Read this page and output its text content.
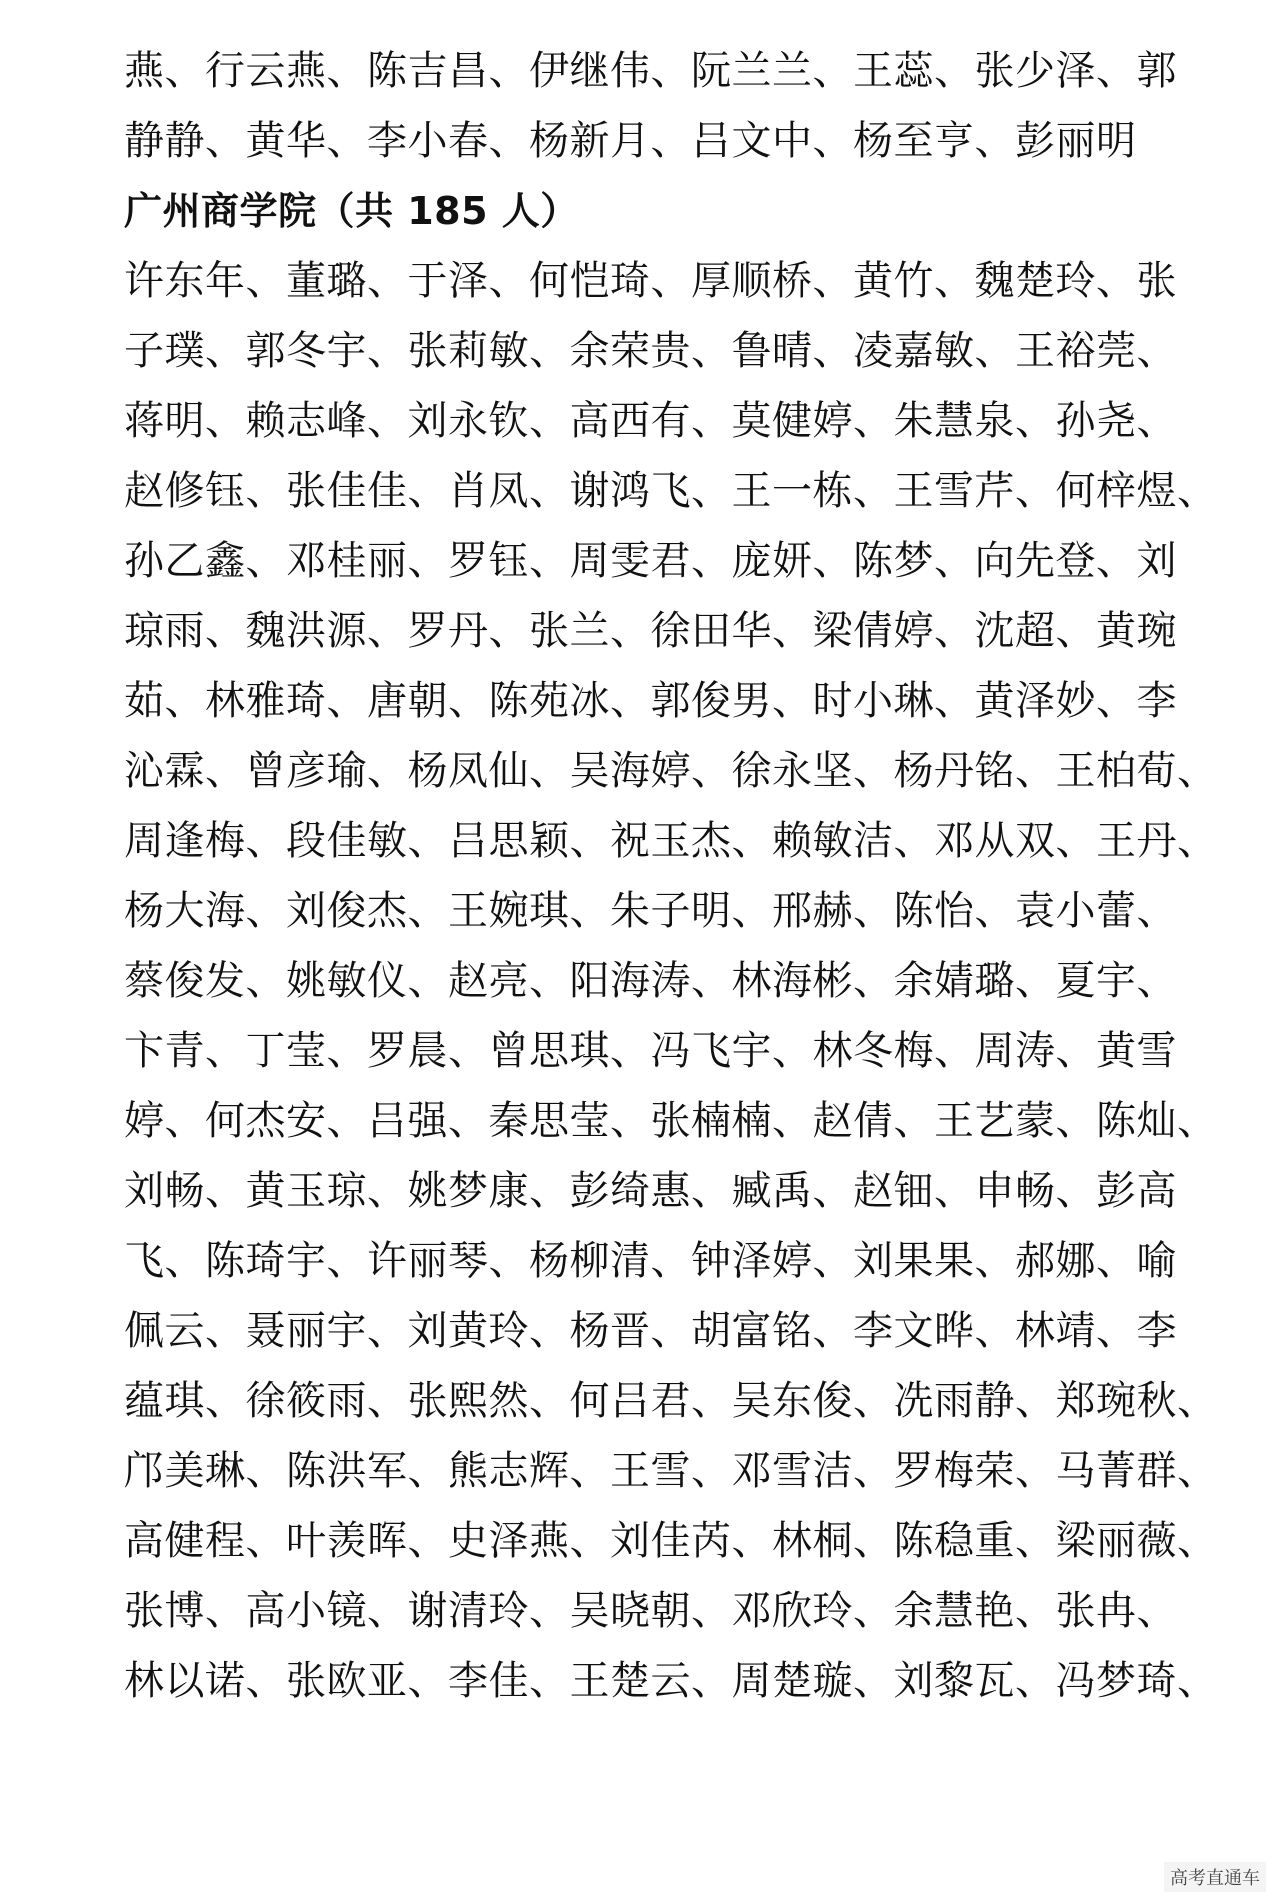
燕、行云燕、陈吉昌、伊继伟、阮兰兰、王蕊、张少泽、郭
静静、黄华、李小春、杨新月、吕文中、杨至亨、彭丽明
广州商学院（共 185 人）
许东年、董璐、于泽、何恺琦、厚顺桥、黄竹、魏楚玲、张
子璞、郭冬宇、张莉敏、余荣贵、鲁晴、凌嘉敏、王裕莞、
蒋明、赖志峰、刘永钦、高西有、莫健婷、朱慧泉、孙尧、
赵修钰、张佳佳、肖凤、谢鸿飞、王一栋、王雪芹、何梓煜、
孙乙鑫、邓桂丽、罗钰、周雯君、庞妍、陈梦、向先登、刘
琼雨、魏洪源、罗丹、张兰、徐田华、梁倩婷、沈超、黄琬
茹、林雅琦、唐朝、陈苑冰、郭俊男、时小琳、黄泽妙、李
沁霖、曾彦瑜、杨凤仙、吴海婷、徐永坚、杨丹铭、王柏荀、
周逢梅、段佳敏、吕思颖、祝玉杰、赖敏洁、邓从双、王丹、
杨大海、刘俊杰、王婉琪、朱子明、邢赫、陈怡、袁小蕾、
蔡俊发、姚敏仪、赵亮、阳海涛、林海彬、余婧璐、夏宇、
卞青、丁莹、罗晨、曾思琪、冯飞宇、林冬梅、周涛、黄雪
婷、何杰安、吕强、秦思莹、张楠楠、赵倩、王艺蒙、陈灿、
刘畅、黄玉琼、姚梦康、彭绮惠、臧禹、赵钿、申畅、彭高
飞、陈琦宇、许丽琴、杨柳清、钟泽婷、刘果果、郝娜、喻
佩云、聂丽宇、刘黄玲、杨晋、胡富铭、李文晔、林靖、李
蕴琪、徐筱雨、张熙然、何吕君、吴东俊、冼雨静、郑琬秋、
邝美琳、陈洪军、熊志辉、王雪、邓雪洁、罗梅荣、马菁群、
高健程、叶羡晖、史泽燕、刘佳芮、林桐、陈稳重、梁丽薇、
张博、高小镜、谢清玲、吴晓朝、邓欣玲、余慧艳、张冉、
林以诺、张欧亚、李佳、王楚云、周楚璇、刘黎瓦、冯梦琦、
高考直通车
